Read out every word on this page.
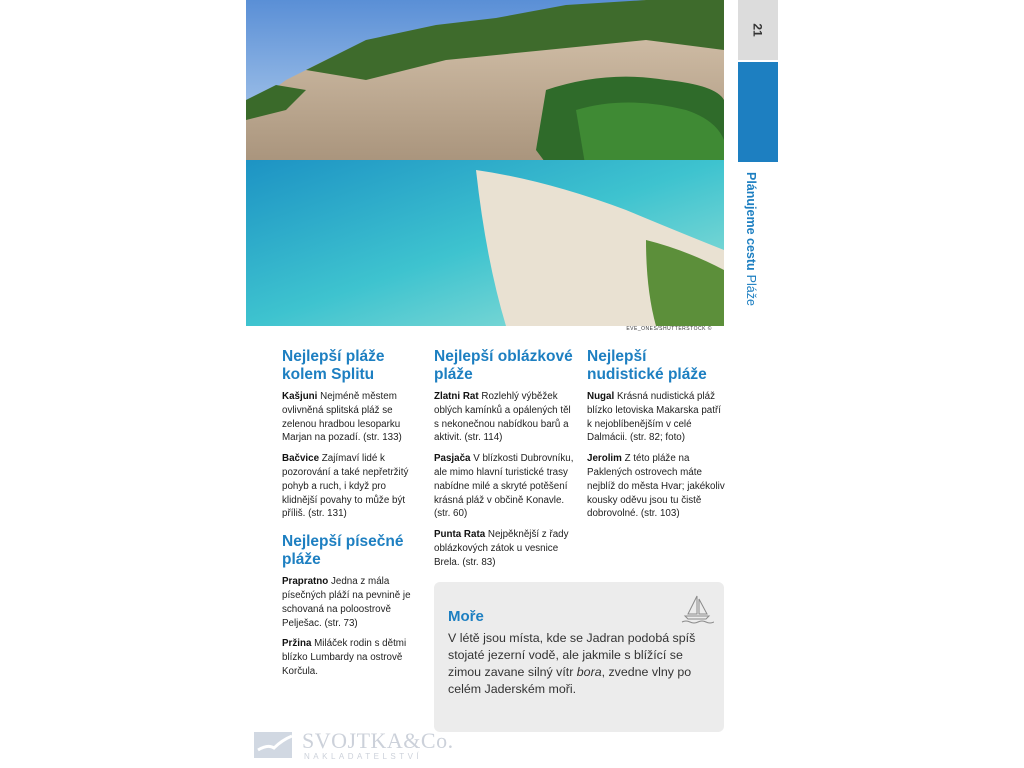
EVE_ONES/SHUTTERSTOCK ©
21
Plánujeme cestuPláže
Nejlepší pláže kolem Splitu

Kašjuni Nejméně městem ovlivněná splitská pláž se zelenou hradbou lesoparku Marjan na pozadí. (str. 133)

Bačvice Zajímaví lidé k pozorování a také nepřetržitý pohyb a ruch, i když pro klidnější povahy to může být příliš. (str. 131)

Nejlepší písečné pláže

Prapratno Jedna z mála písečných pláží na pevnině je schovaná na poloostrově Pelješac. (str. 73)

Pržina Miláček rodin s dětmi blízko Lumbardy na ostrově Korčula.

Nejlepší oblázkové pláže

Zlatni Rat Rozlehlý výběžek oblých kamínků a opálených těl s nekonečnou nabídkou barů a aktivit. (str. 114)

Pasjača V blízkosti Dubrovníku, ale mimo hlavní turistické trasy nabídne milé a skryté potěšení krásná pláž v občině Konavle. (str. 60)

Punta Rata Nejpěknější z řady oblázkových zátok u vesnice Brela. (str. 83)

Nejlepší nudistické pláže

Nugal Krásná nudistická pláž blízko letoviska Makarska patří k nejoblíbenějším v celé Dalmácii. (str. 82; foto)

Jerolim Z této pláže na Paklených ostrovech máte nejblíž do města Hvar; jakékoliv kousky oděvu jsou tu čistě dobrovolné. (str. 103)

Moře

V létě jsou místa, kde se Jadran podobá spíš stojaté jezerní vodě, ale jakmile s blížící se zimou zavane silný vítr bora, zvedne vlny po celém Jaderském moři.

SVOJTKA&Co.
NAKLADATELSTVÍ
